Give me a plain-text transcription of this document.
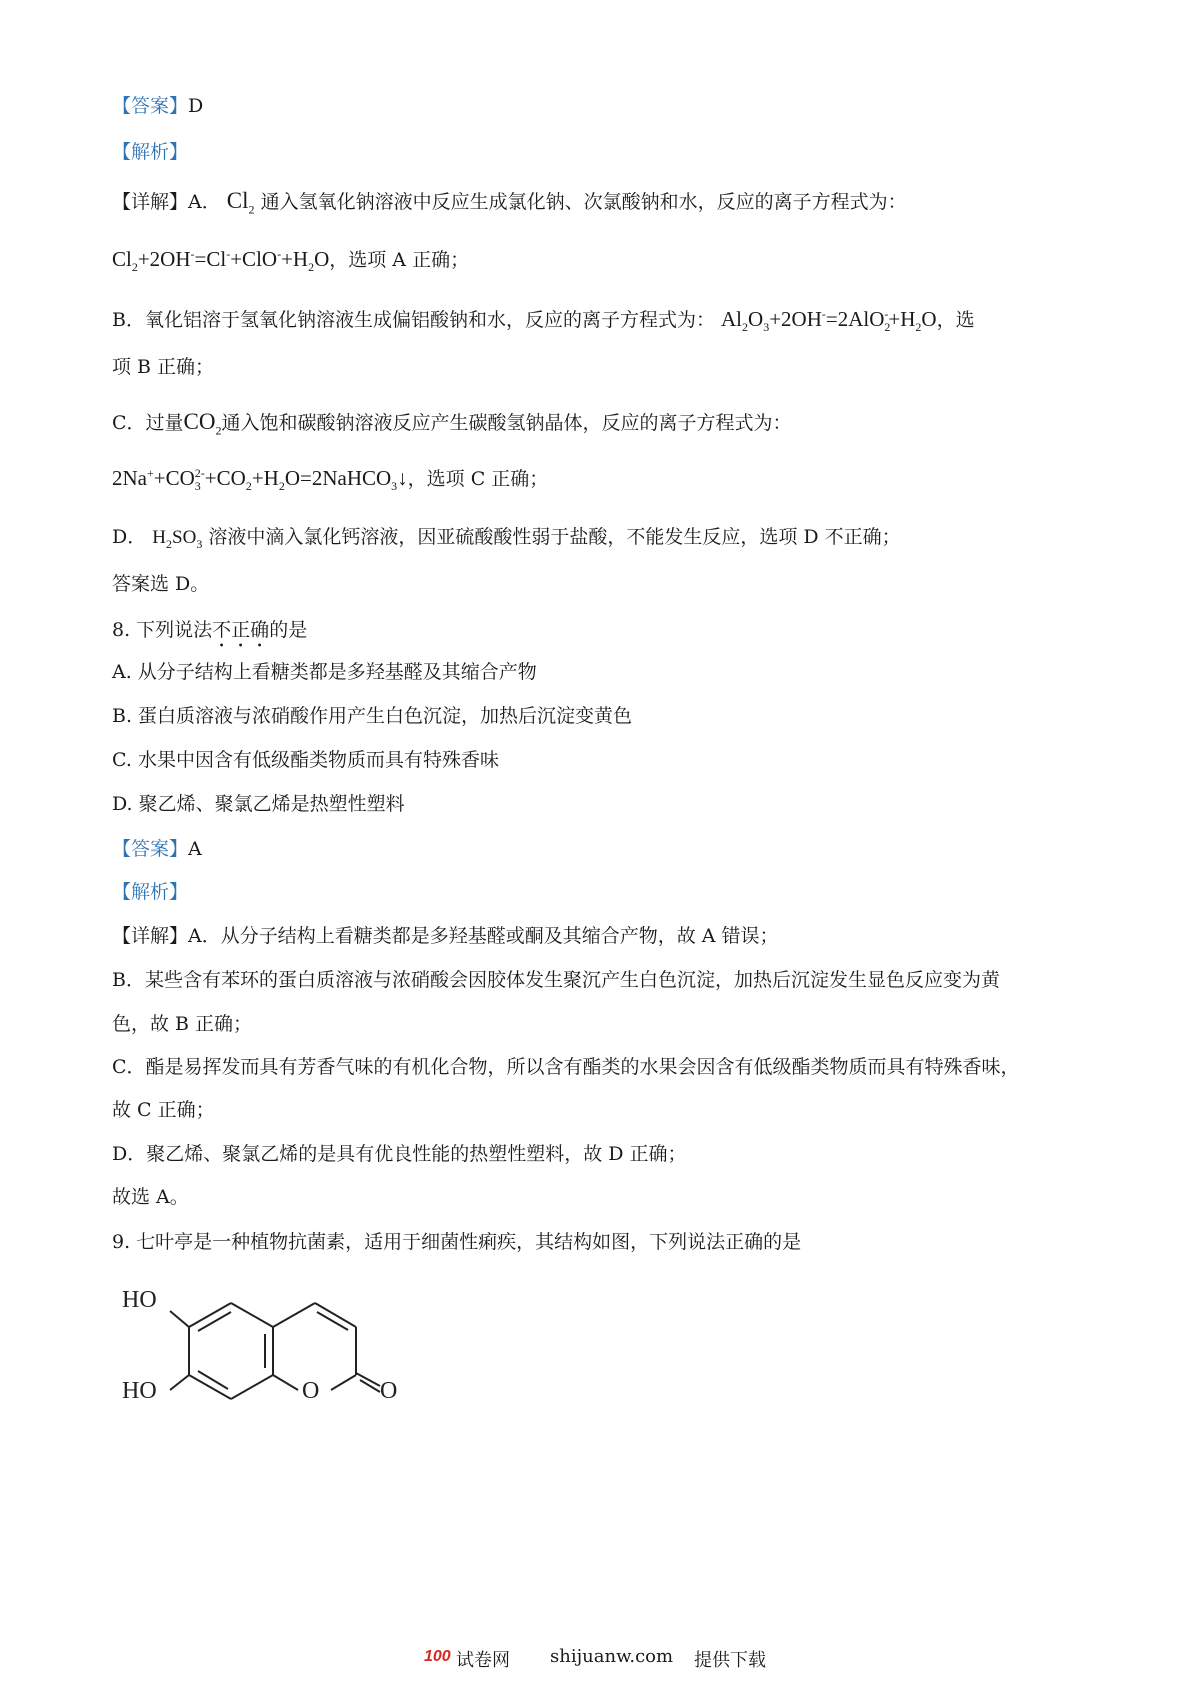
【答案】D
【解析】
【详解】A． $Cl_2$ 通入氢氧化钠溶液中反应生成氯化钠、次氯酸钠和水，反应的离子方程式为：
$Cl_2+2OH^-=Cl^-+ClO^-+H_2O$，选项 A 正确；
B．氧化铝溶于氢氧化钠溶液生成偏铝酸钠和水，反应的离子方程式为： $Al_2O_3+2OH^-=2AlO_2^-+H_2O$，选
项 B 正确；
C．过量$CO_2$通入饱和碳酸钠溶液反应产生碳酸氢钠晶体，反应的离子方程式为：
$2Na^++CO_3^{2-}+CO_2+H_2O=2NaHCO_3↓$，选项 C 正确；
D． $H_2SO_3$ 溶液中滴入氯化钙溶液，因亚硫酸酸性弱于盐酸，不能发生反应，选项 D 不正确；
答案选 D。
8. 下列说法不正确的是
A. 从分子结构上看糖类都是多羟基醛及其缩合产物
B. 蛋白质溶液与浓硝酸作用产生白色沉淀，加热后沉淀变黄色
C. 水果中因含有低级酯类物质而具有特殊香味
D. 聚乙烯、聚氯乙烯是热塑性塑料
【答案】A
【解析】
【详解】A．从分子结构上看糖类都是多羟基醛或酮及其缩合产物，故 A 错误；
B．某些含有苯环的蛋白质溶液与浓硝酸会因胶体发生聚沉产生白色沉淀，加热后沉淀发生显色反应变为黄
色，故 B 正确；
C．酯是易挥发而具有芳香气味的有机化合物，所以含有酯类的水果会因含有低级酯类物质而具有特殊香味，
故 C 正确；
D．聚乙烯、聚氯乙烯的是具有优良性能的热塑性塑料，故 D 正确；
故选 A。
9. 七叶亭是一种植物抗菌素，适用于细菌性痢疾，其结构如图，下列说法正确的是
HO
HO	O	O
100 试卷网 shijuanw.com 提供下载
